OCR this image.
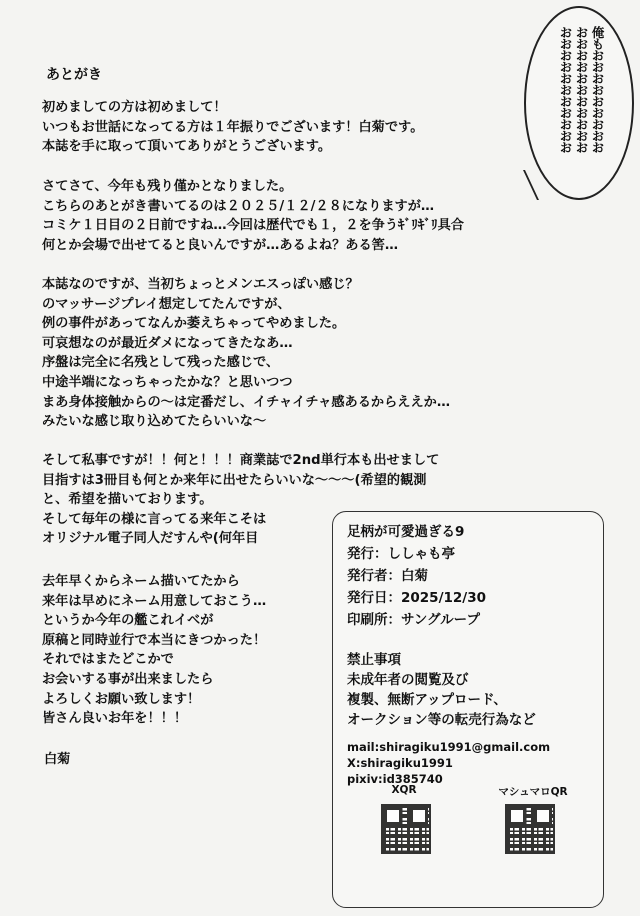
あとがき
初めましての方は初めまして！
いつもお世話になってる方は１年振りでございます！白菊です。
本誌を手に取って頂いてありがとうございます。
さてさて、今年も残り僅かとなりました。
こちらのあとがき書いてるのは２０２５/１２/２８になりますが…
コミケ１日目の２日前ですね…今回は歴代でも１，２を争うｷﾞﾘｷﾞﾘ具合
何とか会場で出せてると良いんですが…あるよね？ある筈…
本誌なのですが、当初ちょっとメンエスっぽい感じ？
のマッサージプレイ想定してたんですが、
例の事件があってなんか萎えちゃってやめました。
可哀想なのが最近ダメになってきたなあ…
序盤は完全に名残として残った感じで、
中途半端になっちゃったかな？と思いつつ
まあ身体接触からの〜は定番だし、イチャイチャ感あるからええか…
みたいな感じ取り込めてたらいいな〜
そして私事ですが！！何と！！！商業誌で2nd単行本も出せまして
目指すは3冊目も何とか来年に出せたらいいな〜〜〜(希望的観測
と、希望を描いております。
そして毎年の様に言ってる来年こそは
オリジナル電子同人だすんや(何年目
去年早くからネーム描いてたから
来年は早めにネーム用意しておこう…
というか今年の艦これイベが
原稿と同時並行で本当にきつかった！
それではまたどこかで
お会いする事が出来ましたら
よろしくお願い致します！
皆さん良いお年を！！！
白菊
俺もおおおおおおおおお
おおおおおおおおおおお
おおおおおおおおおおお
足柄が可愛過ぎる9
発行：ししゃも亭
発行者：白菊
発行日：2025/12/30
印刷所：サングループ
禁止事項
未成年者の閲覧及び
複製、無断アップロード、
オークション等の転売行為など
mail:shiragiku1991@gmail.com
X:shiragiku1991
pixiv:id385740
XQR	マシュマロQR
